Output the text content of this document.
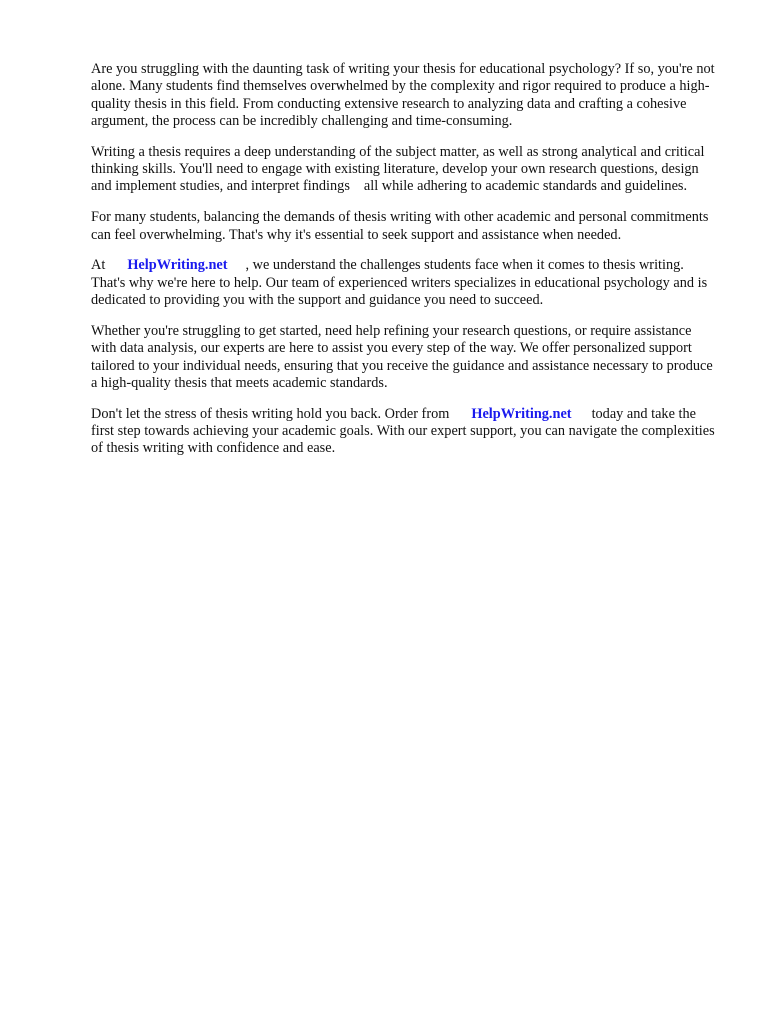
Are you struggling with the daunting task of writing your thesis for educational psychology? If so, you're not alone. Many students find themselves overwhelmed by the complexity and rigor required to produce a high-quality thesis in this field. From conducting extensive research to analyzing data and crafting a cohesive argument, the process can be incredibly challenging and time-consuming.

Writing a thesis requires a deep understanding of the subject matter, as well as strong analytical and critical thinking skills. You'll need to engage with existing literature, develop your own research questions, design and implement studies, and interpret findings all while adhering to academic standards and guidelines.

For many students, balancing the demands of thesis writing with other academic and personal commitments can feel overwhelming. That's why it's essential to seek support and assistance when needed.

At HelpWriting.net , we understand the challenges students face when it comes to thesis writing. That's why we're here to help. Our team of experienced writers specializes in educational psychology and is dedicated to providing you with the support and guidance you need to succeed.

Whether you're struggling to get started, need help refining your research questions, or require assistance with data analysis, our experts are here to assist you every step of the way. We offer personalized support tailored to your individual needs, ensuring that you receive the guidance and assistance necessary to produce a high-quality thesis that meets academic standards.

Don't let the stress of thesis writing hold you back. Order from HelpWriting.net today and take the first step towards achieving your academic goals. With our expert support, you can navigate the complexities of thesis writing with confidence and ease.
